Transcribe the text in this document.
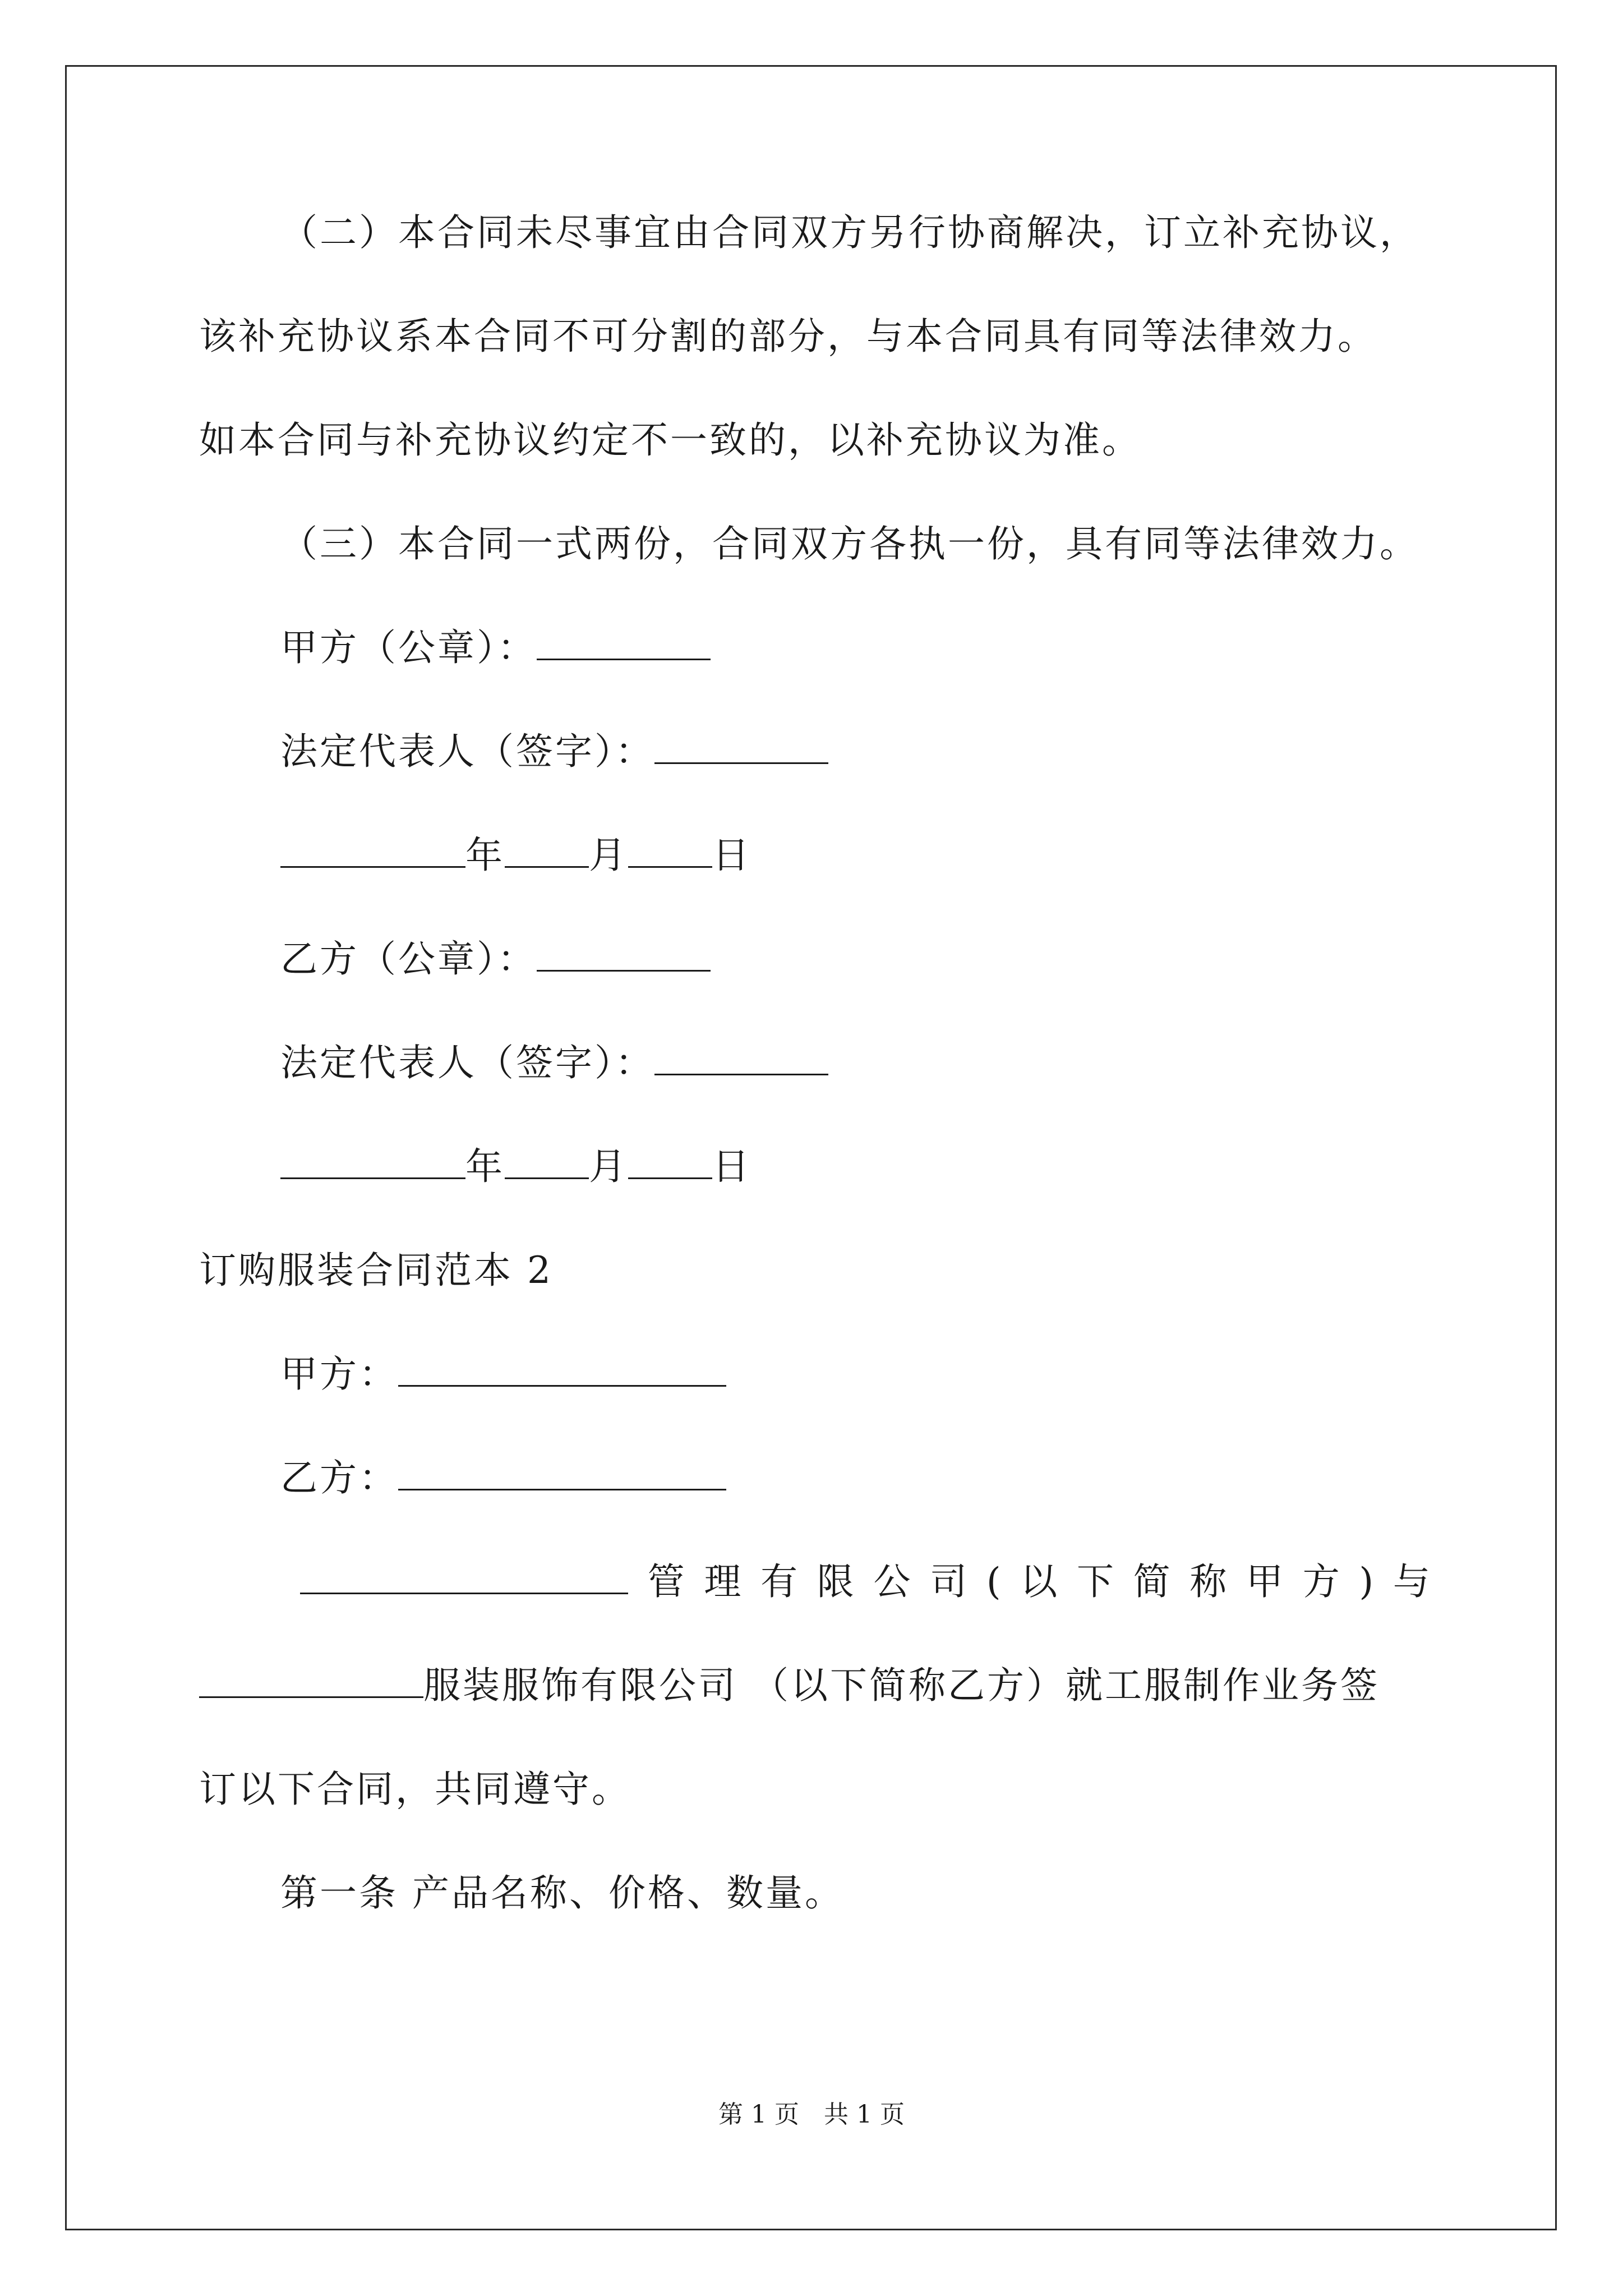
（二）本合同未尽事宜由合同双方另行协商解决，订立补充协议，
该补充协议系本合同不可分割的部分，与本合同具有同等法律效力。
如本合同与补充协议约定不一致的，以补充协议为准。
（三）本合同一式两份，合同双方各执一份，具有同等法律效力。
甲方（公章）：
法定代表人（签字）：
年 月 日
乙方（公章）：
法定代表人（签字）：
年 月 日
订购服装合同范本 2
甲方：
乙方：
管 理 有 限 公 司 ( 以 下 简 称 甲 方 ) 与
服装服饰有限公司 （以下简称乙方）就工服制作业务签
订以下合同，共同遵守。
第一条 产品名称、价格、数量。
第 1 页　共 1 页
